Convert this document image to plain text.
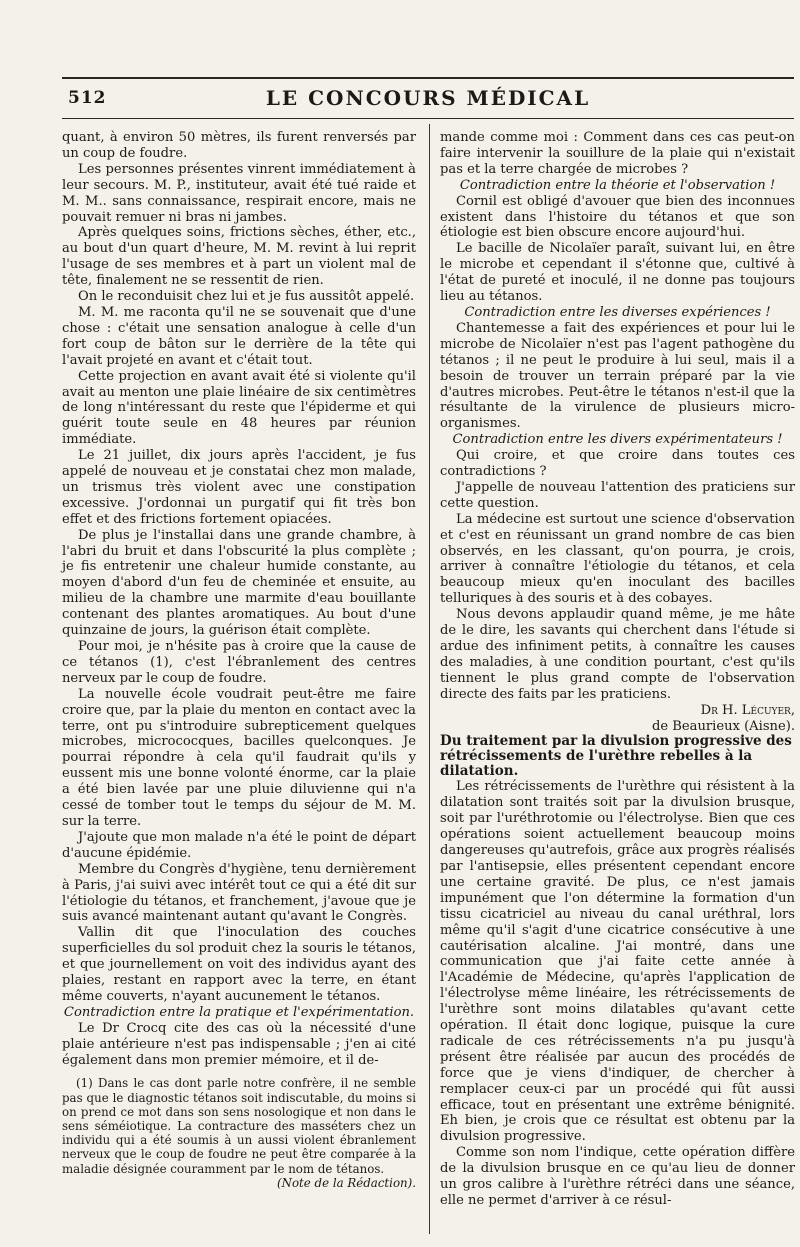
512	LE CONCOURS MÉDICAL

quant, à environ 50 mètres, ils furent renversés par un coup de foudre.

Les personnes présentes vinrent immédiatement à leur secours. M. P., instituteur, avait été tué raide et M. M.. sans connaissance, respirait encore, mais ne pouvait remuer ni bras ni jambes.

Après quelques soins, frictions sèches, éther, etc., au bout d'un quart d'heure, M. M. revint à lui reprit l'usage de ses membres et à part un violent mal de tête, finalement ne se ressentit de rien.

On le reconduisit chez lui et je fus aussitôt appelé.

M. M. me raconta qu'il ne se souvenait que d'une chose : c'était une sensation analogue à celle d'un fort coup de bâton sur le derrière de la tête qui l'avait projeté en avant et c'était tout.

Cette projection en avant avait été si violente qu'il avait au menton une plaie linéaire de six centimètres de long n'intéressant du reste que l'épiderme et qui guérit toute seule en 48 heures par réunion immédiate.

Le 21 juillet, dix jours après l'accident, je fus appelé de nouveau et je constatai chez mon malade, un trismus très violent avec une constipation excessive. J'ordonnai un purgatif qui fit très bon effet et des frictions fortement opiacées.

De plus je l'installai dans une grande chambre, à l'abri du bruit et dans l'obscurité la plus complète ; je fis entretenir une chaleur humide constante, au moyen d'abord d'un feu de cheminée et ensuite, au milieu de la chambre une marmite d'eau bouillante contenant des plantes aromatiques. Au bout d'une quinzaine de jours, la guérison était complète.

Pour moi, je n'hésite pas à croire que la cause de ce tétanos (1), c'est l'ébranlement des centres nerveux par le coup de foudre.

La nouvelle école voudrait peut-être me faire croire que, par la plaie du menton en contact avec la terre, ont pu s'introduire subrepticement quelques microbes, micrococques, bacilles quelconques. Je pourrai répondre à cela qu'il faudrait qu'ils y eussent mis une bonne volonté énorme, car la plaie a été bien lavée par une pluie diluvienne qui n'a cessé de tomber tout le temps du séjour de M. M. sur la terre.

J'ajoute que mon malade n'a été le point de départ d'aucune épidémie.

Membre du Congrès d'hygiène, tenu dernièrement à Paris, j'ai suivi avec intérêt tout ce qui a été dit sur l'étiologie du tétanos, et franchement, j'avoue que je suis avancé maintenant autant qu'avant le Congrès.

Vallin dit que l'inoculation des couches superficielles du sol produit chez la souris le tétanos, et que journellement on voit des individus ayant des plaies, restant en rapport avec la terre, en étant même couverts, n'ayant aucunement le tétanos.

Contradiction entre la pratique et l'expérimentation.

Le Dr Crocq cite des cas où la nécessité d'une plaie antérieure n'est pas indispensable ; j'en ai cité également dans mon premier mémoire, et il de-

(1) Dans le cas dont parle notre confrère, il ne semble pas que le diagnostic tétanos soit indiscutable, du moins si on prend ce mot dans son sens nosologique et non dans le sens séméiotique. La contracture des masséters chez un individu qui a été soumis à un aussi violent ébranlement nerveux que le coup de foudre ne peut être comparée à la maladie désignée couramment par le nom de tétanos.

(Note de la Rédaction).

mande comme moi : Comment dans ces cas peut-on faire intervenir la souillure de la plaie qui n'existait pas et la terre chargée de microbes ?

Contradiction entre la théorie et l'observation !

Cornil est obligé d'avouer que bien des inconnues existent dans l'histoire du tétanos et que son étiologie est bien obscure encore aujourd'hui.

Le bacille de Nicolaïer paraît, suivant lui, en être le microbe et cependant il s'étonne que, cultivé à l'état de pureté et inoculé, il ne donne pas toujours lieu au tétanos.

Contradiction entre les diverses expériences !

Chantemesse a fait des expériences et pour lui le microbe de Nicolaïer n'est pas l'agent pathogène du tétanos ; il ne peut le produire à lui seul, mais il a besoin de trouver un terrain préparé par la vie d'autres microbes. Peut-être le tétanos n'est-il que la résultante de la virulence de plusieurs micro-organismes.

Contradiction entre les divers expérimentateurs !

Qui croire, et que croire dans toutes ces contradictions ?

J'appelle de nouveau l'attention des praticiens sur cette question.

La médecine est surtout une science d'observation et c'est en réunissant un grand nombre de cas bien observés, en les classant, qu'on pourra, je crois, arriver à connaître l'étiologie du tétanos, et cela beaucoup mieux qu'en inoculant des bacilles telluriques à des souris et à des cobayes.

Nous devons applaudir quand même, je me hâte de le dire, les savants qui cherchent dans l'étude si ardue des infiniment petits, à connaître les causes des maladies, à une condition pourtant, c'est qu'ils tiennent le plus grand compte de l'observation directe des faits par les praticiens.

Dr H. Lécuyer,

de Beaurieux (Aisne).

Du traitement par la divulsion progressive des rétrécissements de l'urèthre rebelles à la dilatation.

Les rétrécissements de l'urèthre qui résistent à la dilatation sont traités soit par la divulsion brusque, soit par l'uréthrotomie ou l'électrolyse. Bien que ces opérations soient actuellement beaucoup moins dangereuses qu'autrefois, grâce aux progrès réalisés par l'antisepsie, elles présentent cependant encore une certaine gravité. De plus, ce n'est jamais impunément que l'on détermine la formation d'un tissu cicatriciel au niveau du canal uréthral, lors même qu'il s'agit d'une cicatrice consécutive à une cautérisation alcaline. J'ai montré, dans une communication que j'ai faite cette année à l'Académie de Médecine, qu'après l'application de l'électrolyse même linéaire, les rétrécissements de l'urèthre sont moins dilatables qu'avant cette opération. Il était donc logique, puisque la cure radicale de ces rétrécissements n'a pu jusqu'à présent être réalisée par aucun des procédés de force que je viens d'indiquer, de chercher à remplacer ceux-ci par un procédé qui fût aussi efficace, tout en présentant une extrême bénignité. Eh bien, je crois que ce résultat est obtenu par la divulsion progressive.

Comme son nom l'indique, cette opération diffère de la divulsion brusque en ce qu'au lieu de donner un gros calibre à l'urèthre rétréci dans une séance, elle ne permet d'arriver à ce résul-
